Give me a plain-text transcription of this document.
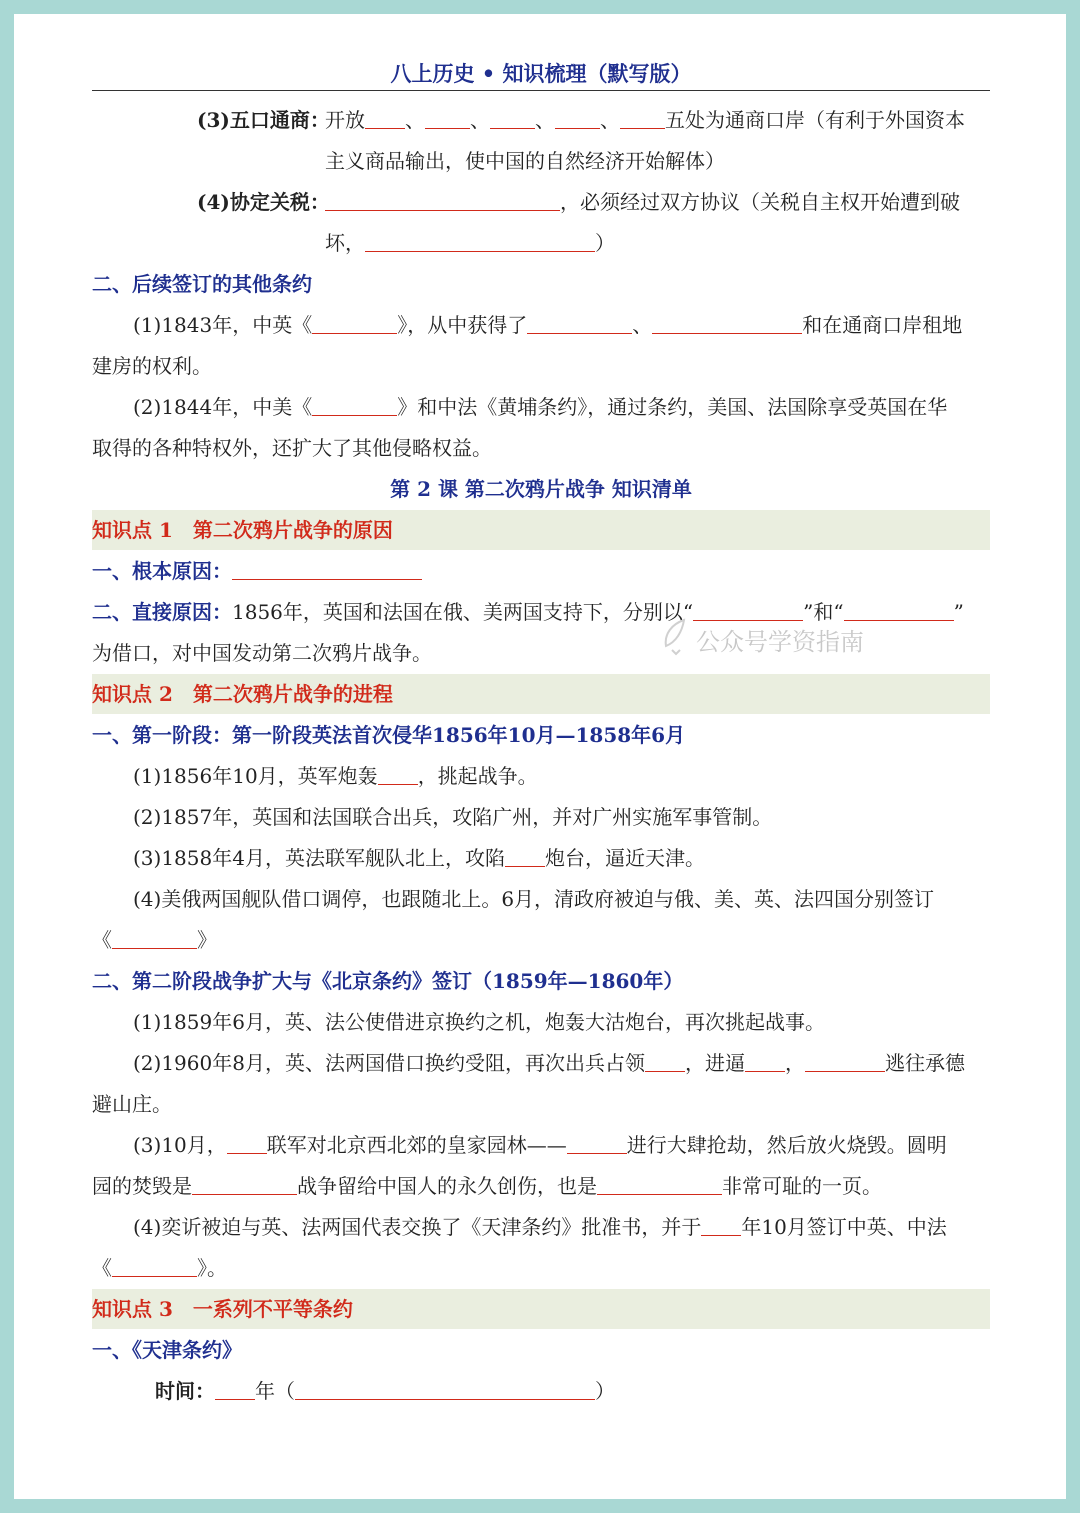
八上历史 • 知识梳理（默写版）
(3)五口通商：
开放 、 、 、 、 五处为通商口岸（有利于外国资本
主义商品输出，使中国的自然经济开始解体）
(4)协定关税：	，必须经过双方协议（关税自主权开始遭到破
坏，	）
二、后续签订的其他条约
(1)1843年，中英《	》，从中获得了	、	和在通商口岸租地
建房的权利。
(2)1844年，中美《	》和中法《黄埔条约》，通过条约，美国、法国除享受英国在华
取得的各种特权外，还扩大了其他侵略权益。
第 2 课 第二次鸦片战争 知识清单
知识点 1　第二次鸦片战争的原因
一、根本原因：
二、直接原因：1856年，英国和法国在俄、美两国支持下，分别以“	”和“	”
为借口，对中国发动第二次鸦片战争。
知识点 2　第二次鸦片战争的进程
一、第一阶段：第一阶段英法首次侵华1856年10月—1858年6月
(1)1856年10月，英军炮轰 ，挑起战争。
(2)1857年，英国和法国联合出兵，攻陷广州，并对广州实施军事管制。
(3)1858年4月，英法联军舰队北上，攻陷 炮台，逼近天津。
(4)美俄两国舰队借口调停，也跟随北上。6月，清政府被迫与俄、美、英、法四国分别签订
《	》
二、第二阶段战争扩大与《北京条约》签订（1859年—1860年）
(1)1859年6月，英、法公使借进京换约之机，炮轰大沽炮台，再次挑起战事。
(2)1960年8月，英、法两国借口换约受阻，再次出兵占领 ，进逼 ，	逃往承德
避山庄。
(3)10月， 联军对北京西北郊的皇家园林——	进行大肆抢劫，然后放火烧毁。圆明
园的焚毁是	战争留给中国人的永久创伤，也是	非常可耻的一页。
(4)奕䜣被迫与英、法两国代表交换了《天津条约》批准书，并于 年10月签订中英、中法
《	》。
知识点 3　一系列不平等条约
一、《天津条约》
时间： 年（	）
公众号学资指南
